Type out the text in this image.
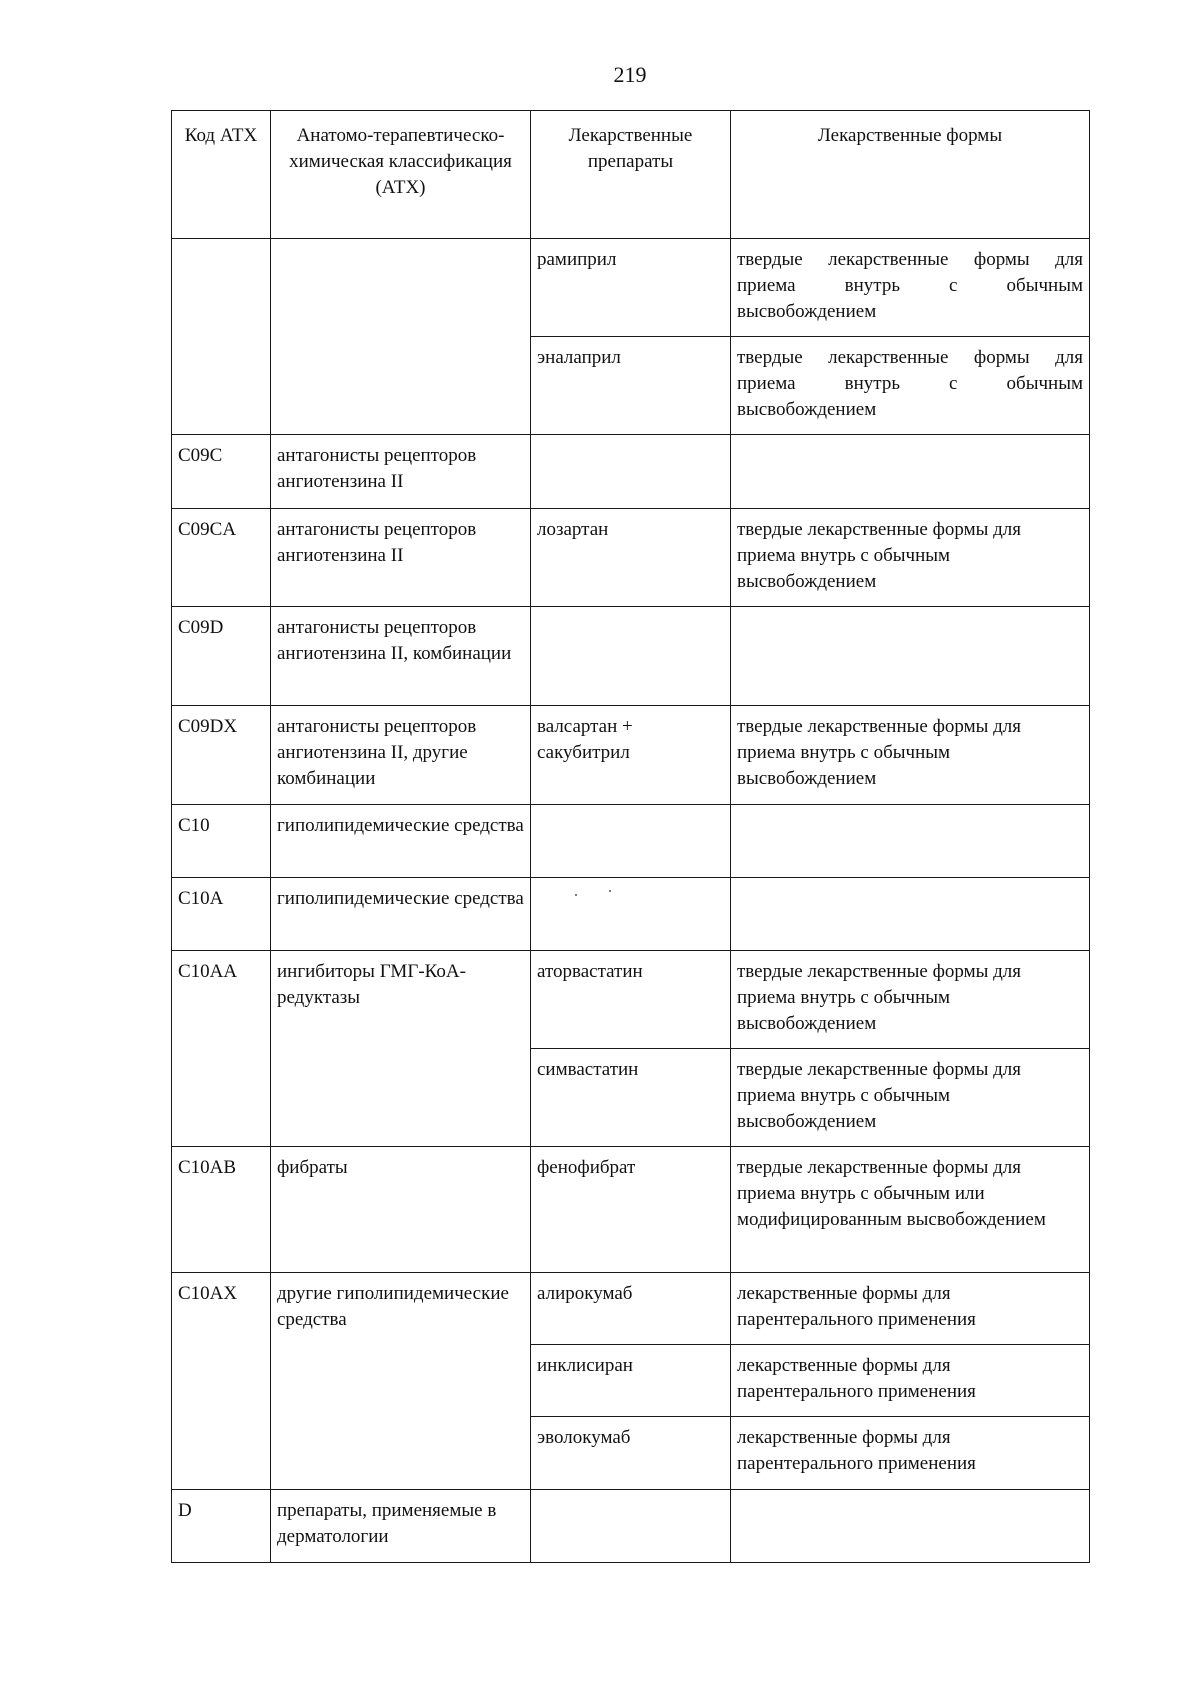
219
Код АТХ	Анатомо-терапевтическо-химическая классификация (АТХ)	Лекарственные препараты	Лекарственные формы
		рамиприл	твердые лекарственные формы для приема внутрь с обычным высвобождением
		эналаприл	твердые лекарственные формы для приема внутрь с обычным высвобождением
C09C	антагонисты рецепторов ангиотензина II		
C09CA	антагонисты рецепторов ангиотензина II	лозартан	твердые лекарственные формы для приема внутрь с обычным высвобождением
C09D	антагонисты рецепторов ангиотензина II, комбинации		
C09DX	антагонисты рецепторов ангиотензина II, другие комбинации	валсартан + сакубитрил	твердые лекарственные формы для приема внутрь с обычным высвобождением
C10	гиполипидемические средства		
C10A	гиполипидемические средства	

C10AA	ингибиторы ГМГ-КоА-редуктазы	аторвастатин	твердые лекарственные формы для приема внутрь с обычным высвобождением
		симвастатин	твердые лекарственные формы для приема внутрь с обычным высвобождением
C10AB	фибраты	фенофибрат	твердые лекарственные формы для приема внутрь с обычным или модифицированным высвобождением
C10AX	другие гиполипидемические средства	алирокумаб	лекарственные формы для парентерального применения
		инклисиран	лекарственные формы для парентерального применения
		эволокумаб	лекарственные формы для парентерального применения
D	препараты, применяемые в дерматологии		
